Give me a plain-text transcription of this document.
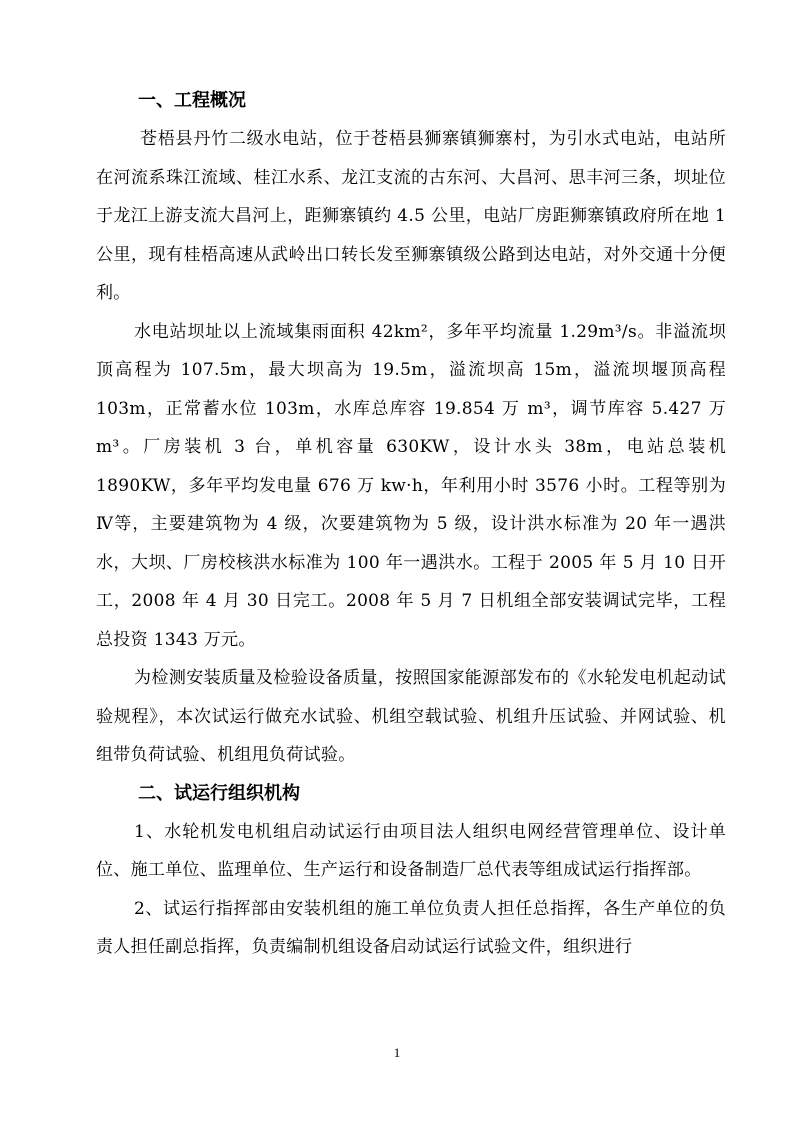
一、工程概况

苍梧县丹竹二级水电站，位于苍梧县狮寨镇狮寨村，为引水式电站，电站所在河流系珠江流域、桂江水系、龙江支流的古东河、大昌河、思丰河三条，坝址位于龙江上游支流大昌河上，距狮寨镇约 4.5 公里，电站厂房距狮寨镇政府所在地 1 公里，现有桂梧高速从武岭出口转长发至狮寨镇级公路到达电站，对外交通十分便利。

水电站坝址以上流域集雨面积 42km²，多年平均流量 1.29m³/s。非溢流坝顶高程为 107.5m，最大坝高为 19.5m，溢流坝高 15m，溢流坝堰顶高程 103m，正常蓄水位 103m，水库总库容 19.854 万 m³，调节库容 5.427 万 m³。厂房装机 3 台，单机容量 630KW，设计水头 38m，电站总装机 1890KW，多年平均发电量 676 万 kw·h，年利用小时 3576 小时。工程等别为Ⅳ等，主要建筑物为 4 级，次要建筑物为 5 级，设计洪水标准为 20 年一遇洪水，大坝、厂房校核洪水标准为 100 年一遇洪水。工程于 2005 年 5 月 10 日开工，2008 年 4 月 30 日完工。2008 年 5 月 7 日机组全部安装调试完毕，工程总投资 1343 万元。

为检测安装质量及检验设备质量，按照国家能源部发布的《水轮发电机起动试验规程》，本次试运行做充水试验、机组空载试验、机组升压试验、并网试验、机组带负荷试验、机组甩负荷试验。

二、试运行组织机构

1、水轮机发电机组启动试运行由项目法人组织电网经营管理单位、设计单位、施工单位、监理单位、生产运行和设备制造厂总代表等组成试运行指挥部。

2、试运行指挥部由安装机组的施工单位负责人担任总指挥，各生产单位的负责人担任副总指挥，负责编制机组设备启动试运行试验文件，组织进行

1
